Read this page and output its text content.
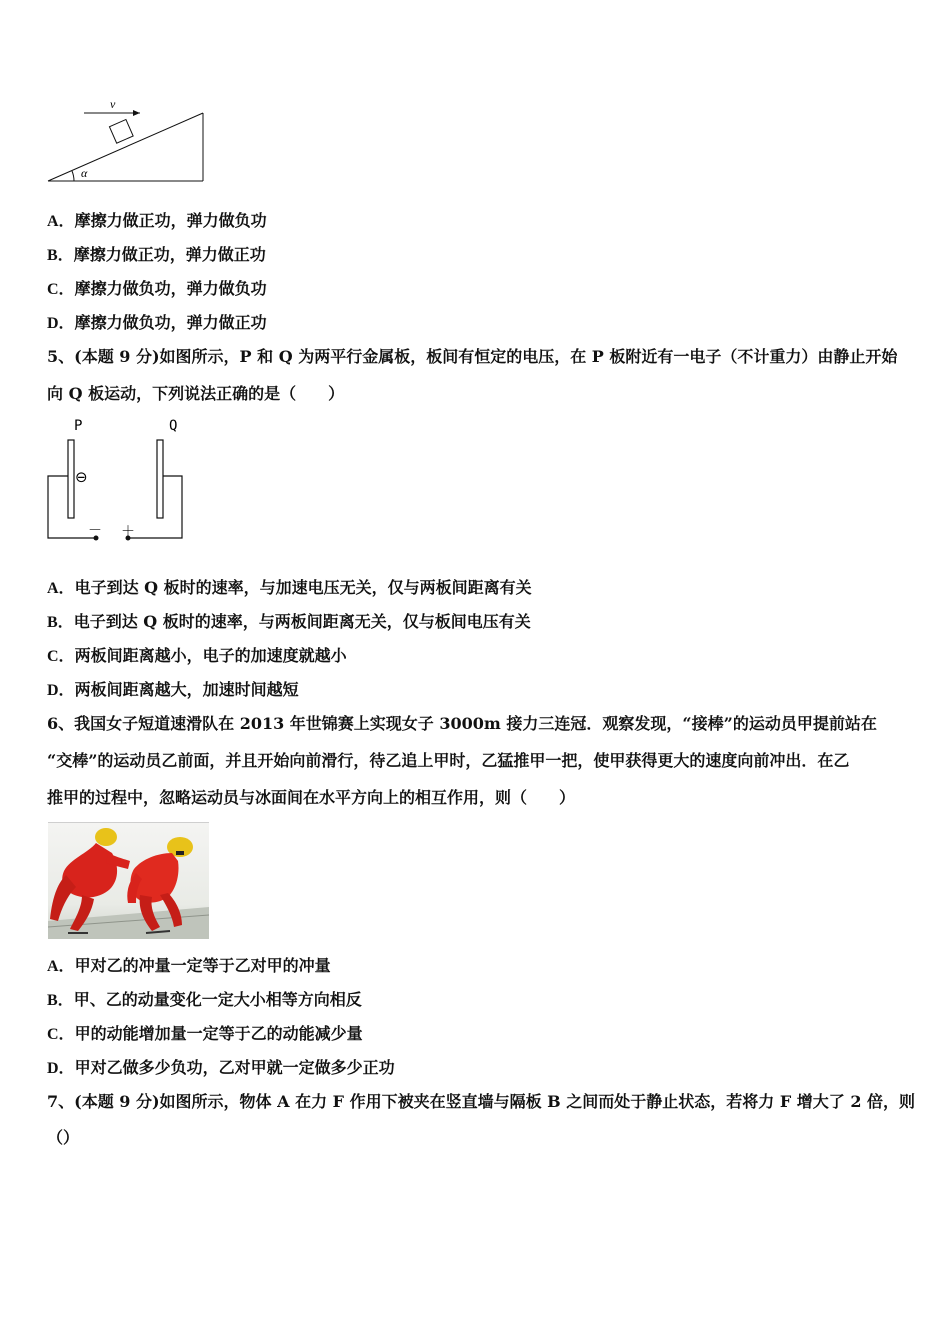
v
α
A．摩擦力做正功，弹力做负功
B．摩擦力做正功，弹力做正功
C．摩擦力做负功，弹力做负功
D．摩擦力做负功，弹力做正功
5、(本题 9 分)如图所示，P 和 Q 为两平行金属板，板间有恒定的电压，在 P 板附近有一电子（不计重力）由静止开始
向 Q 板运动，下列说法正确的是（　　）
P	Q
⊖
－ ＋
A．电子到达 Q 板时的速率，与加速电压无关，仅与两板间距离有关
B．电子到达 Q 板时的速率，与两板间距离无关，仅与板间电压有关
C．两板间距离越小，电子的加速度就越小
D．两板间距离越大，加速时间越短
6、我国女子短道速滑队在 2013 年世锦赛上实现女子 3000m 接力三连冠．观察发现，“接棒”的运动员甲提前站在
“交棒”的运动员乙前面，并且开始向前滑行，待乙追上甲时，乙猛推甲一把，使甲获得更大的速度向前冲出．在乙
推甲的过程中，忽略运动员与冰面间在水平方向上的相互作用，则（　　）
A．甲对乙的冲量一定等于乙对甲的冲量
B．甲、乙的动量变化一定大小相等方向相反
C．甲的动能增加量一定等于乙的动能减少量
D．甲对乙做多少负功，乙对甲就一定做多少正功
7、(本题 9 分)如图所示，物体 A 在力 F 作用下被夹在竖直墙与隔板 B 之间而处于静止状态，若将力 F 增大了 2 倍，则
（）
